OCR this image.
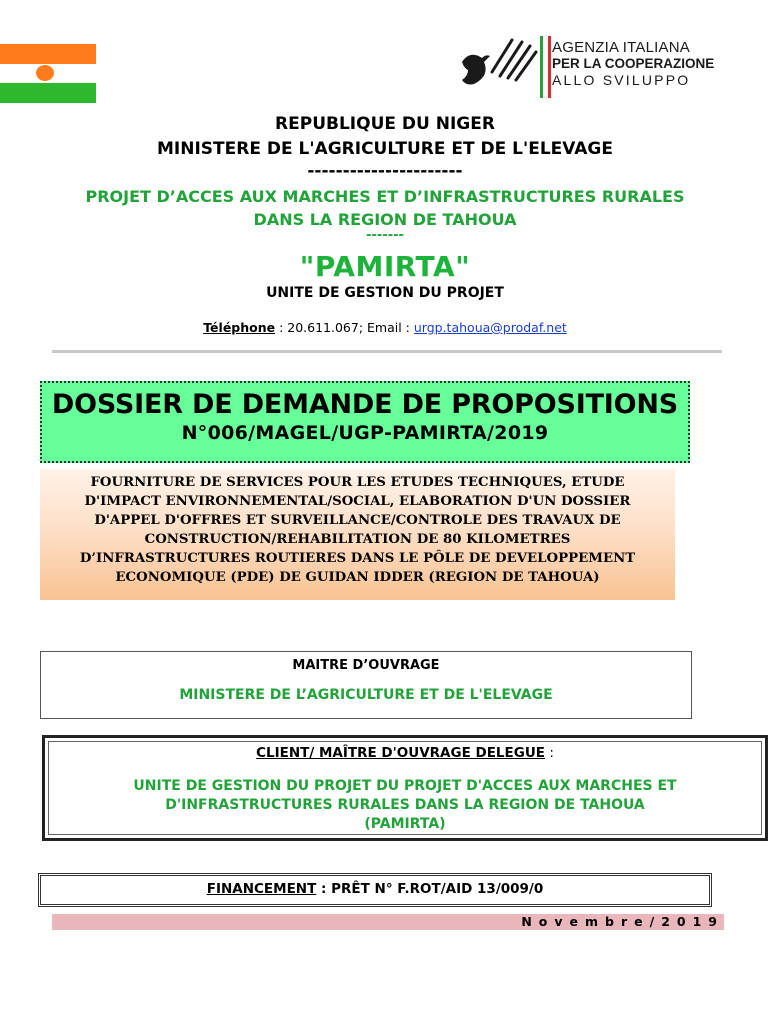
AGENZIA ITALIANA
PER LA COOPERAZIONE
ALLO SVILUPPO
REPUBLIQUE DU NIGER
MINISTERE DE L'AGRICULTURE ET DE L'ELEVAGE
----------------------
PROJET D’ACCES AUX MARCHES ET D’INFRASTRUCTURES RURALES
DANS LA REGION DE TAHOUA
-------
"PAMIRTA"
UNITE DE GESTION DU PROJET
Téléphone : 20.611.067; Email : urgp.tahoua@prodaf.net
DOSSIER DE DEMANDE DE PROPOSITIONS
N°006/MAGEL/UGP-PAMIRTA/2019
FOURNITURE DE SERVICES POUR LES ETUDES TECHNIQUES, ETUDE
D'IMPACT ENVIRONNEMENTAL/SOCIAL, ELABORATION D'UN DOSSIER
D'APPEL D'OFFRES ET SURVEILLANCE/CONTROLE DES TRAVAUX DE
CONSTRUCTION/REHABILITATION DE 80 KILOMETRES
D’INFRASTRUCTURES ROUTIERES DANS LE PÔLE DE DEVELOPPEMENT
ECONOMIQUE (PDE) DE GUIDAN IDDER (REGION DE TAHOUA)
MAITRE D’OUVRAGE
MINISTERE DE L’AGRICULTURE ET DE L'ELEVAGE
CLIENT/ MAÎTRE D'OUVRAGE DELEGUE :
UNITE DE GESTION DU PROJET DU PROJET D'ACCES AUX MARCHES ET
D'INFRASTRUCTURES RURALES DANS LA REGION DE TAHOUA
(PAMIRTA)
FINANCEMENT : PRÊT N° F.ROT/AID 13/009/0
Novembre/2019
